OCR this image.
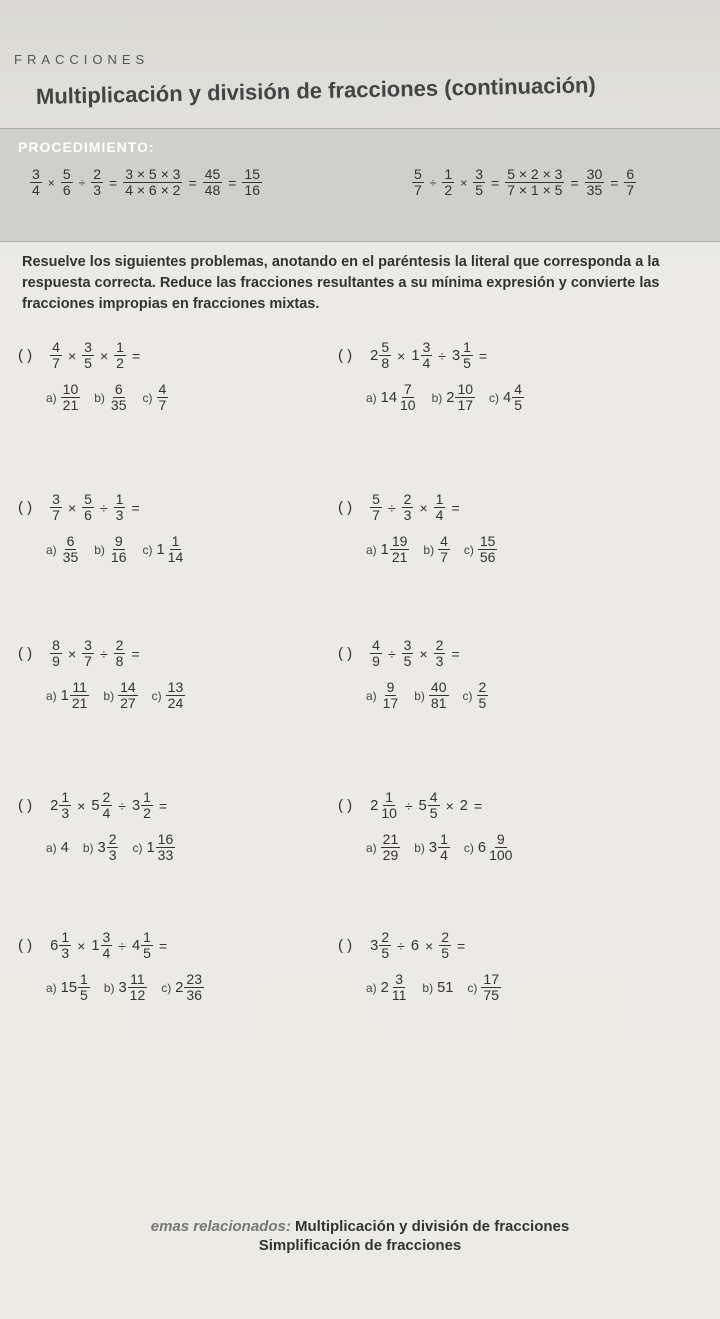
FRACCIONES
Multiplicación y división de fracciones (continuación)
PROCEDIMIENTO:
$\frac{3}{4} \times \frac{5}{6} \div \frac{2}{3} = \frac{3 \times 5 \times 3}{4 \times 6 \times 2} = \frac{45}{48} = \frac{15}{16}$	$\frac{5}{7} \div \frac{1}{2} \times \frac{3}{5} = \frac{5 \times 2 \times 3}{7 \times 1 \times 5} = \frac{30}{35} = \frac{6}{7}$
Resuelve los siguientes problemas, anotando en el paréntesis la literal que corresponda a la respuesta correcta. Reduce las fracciones resultantes a su mínima expresión y convierte las fracciones impropias en fracciones mixtas.
( ) $\frac{4}{7} \times \frac{3}{5} \times \frac{1}{2}$ =
$a) \frac{10}{21} b) \frac{6}{35} c) \frac{4}{7}$
( ) $2 \frac{5}{8} \times 1 \frac{3}{4} \div 3 \frac{1}{5}$ =
a) $14 \frac{7}{10} b$) $2 \frac{10}{17} c$) $4 \frac{4}{5}$
( ) $\frac{3}{7} \times \frac{5}{6} \div \frac{1}{3}$ =
$a) \frac{6}{35} b) \frac{9}{16} c$) $1 \frac{1}{14}$
( ) $\frac{5}{7} \div \frac{2}{3} \times \frac{1}{4}$ =
a) $1 \frac{19}{21} b) \frac{4}{7} c) \frac{15}{56}$
( ) $\frac{8}{9} \times \frac{3}{7} \div \frac{2}{8}$ =
a) $1 \frac{11}{21} b) \frac{14}{27} c) \frac{13}{24}$
( ) $\frac{4}{9} \div \frac{3}{5} \times \frac{2}{3}$ =
$a) \frac{9}{17} b) \frac{40}{81} c) \frac{2}{5}$
( ) $2 \frac{1}{3} \times 5 \frac{2}{4} \div 3 \frac{1}{2}$ =
a) 4 b) $3 \frac{2}{3} c$) $1 \frac{16}{33}$
( ) $2 \frac{1}{10} \div 5 \frac{4}{5} \times 2$ =
$a) \frac{21}{29} b$) $3 \frac{1}{4} c$) $6 \frac{9}{100}$
( ) $6 \frac{1}{3} \times 1 \frac{3}{4} \div 4 \frac{1}{5}$ =
a) $15 \frac{1}{5} b$) $3 \frac{11}{12} c$) $2 \frac{23}{36}$
( ) $3 \frac{2}{5} \div 6 \times \frac{2}{5}$ =
a) $2 \frac{3}{11} b$) 51 $c) \frac{17}{75}$
emas relacionados: Multiplicación y división de fracciones
Simplificación de fracciones
